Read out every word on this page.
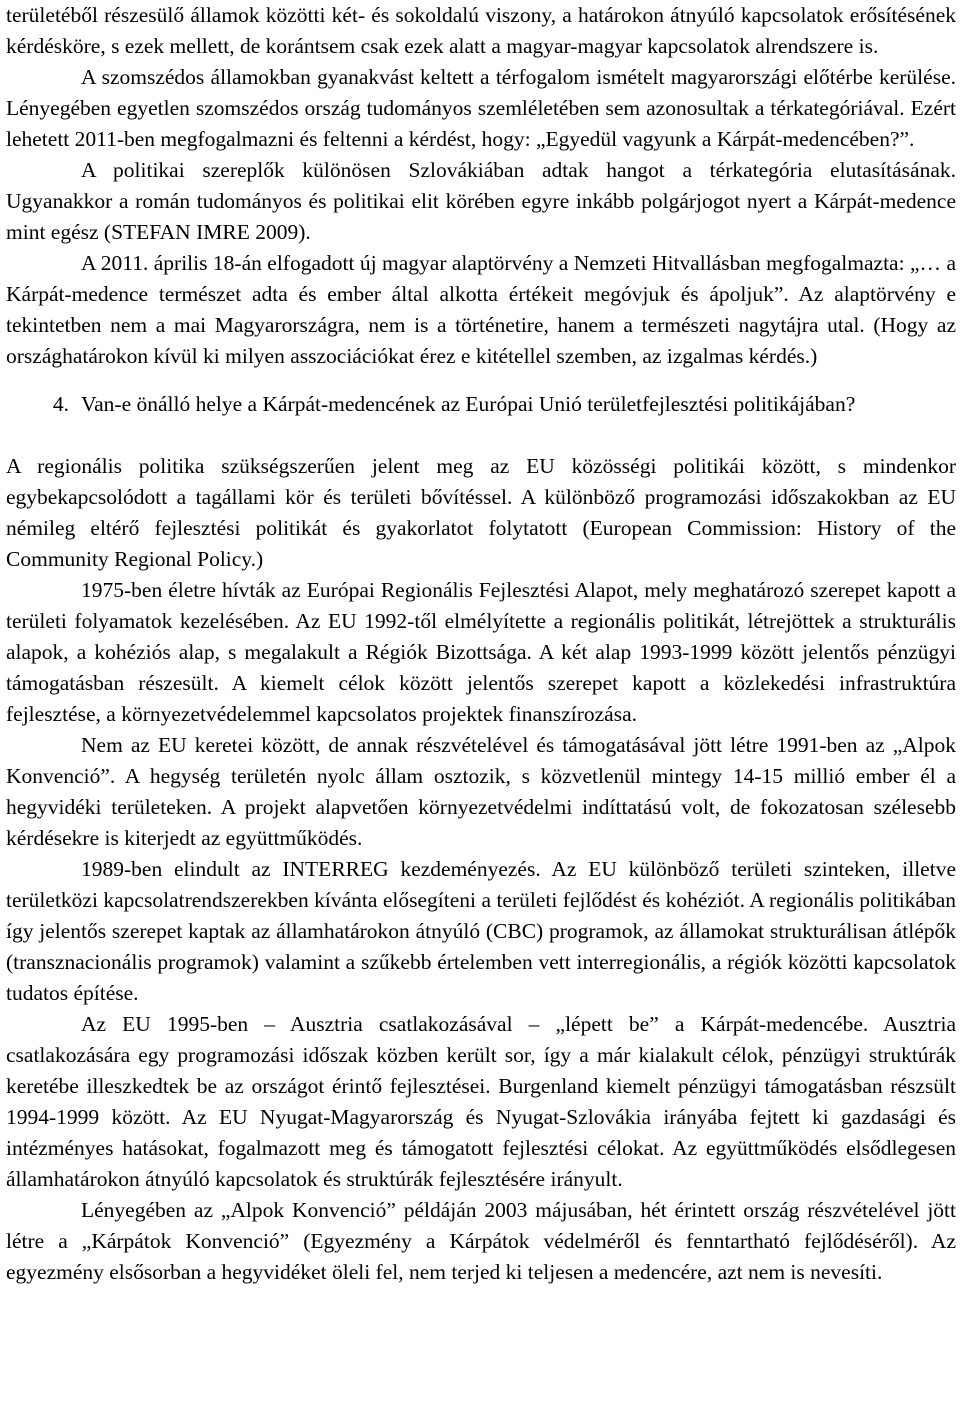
területéből részesülő államok közötti két- és sokoldalú viszony, a határokon átnyúló kapcsolatok erősítésének kérdésköre, s ezek mellett, de korántsem csak ezek alatt a magyar-magyar kapcsolatok alrendszere is.

A szomszédos államokban gyanakvást keltett a térfogalom ismételt magyarországi előtérbe kerülése. Lényegében egyetlen szomszédos ország tudományos szemléletében sem azonosultak a térkategóriával. Ezért lehetett 2011-ben megfogalmazni és feltenni a kérdést, hogy: „Egyedül vagyunk a Kárpát-medencében?”.

A politikai szereplők különösen Szlovákiában adtak hangot a térkategória elutasításának. Ugyanakkor a román tudományos és politikai elit körében egyre inkább polgárjogot nyert a Kárpát-medence mint egész (STEFAN IMRE 2009).

A 2011. április 18-án elfogadott új magyar alaptörvény a Nemzeti Hitvallásban megfogalmazta: „… a Kárpát-medence természet adta és ember által alkotta értékeit megóvjuk és ápoljuk”. Az alaptörvény e tekintetben nem a mai Magyarországra, nem is a történetire, hanem a természeti nagytájra utal. (Hogy az országhatárokon kívül ki milyen asszociációkat érez e kitétellel szemben, az izgalmas kérdés.)

4. Van-e önálló helye a Kárpát-medencének az Európai Unió területfejlesztési politikájában?

A regionális politika szükségszerűen jelent meg az EU közösségi politikái között, s mindenkor egybekapcsolódott a tagállami kör és területi bővítéssel. A különböző programozási időszakokban az EU némileg eltérő fejlesztési politikát és gyakorlatot folytatott (European Commission: History of the Community Regional Policy.)

1975-ben életre hívták az Európai Regionális Fejlesztési Alapot, mely meghatározó szerepet kapott a területi folyamatok kezelésében. Az EU 1992-től elmélyítette a regionális politikát, létrejöttek a strukturális alapok, a kohéziós alap, s megalakult a Régiók Bizottsága. A két alap 1993-1999 között jelentős pénzügyi támogatásban részesült. A kiemelt célok között jelentős szerepet kapott a közlekedési infrastruktúra fejlesztése, a környezetvédelemmel kapcsolatos projektek finanszírozása.

Nem az EU keretei között, de annak részvételével és támogatásával jött létre 1991-ben az „Alpok Konvenció”. A hegység területén nyolc állam osztozik, s közvetlenül mintegy 14-15 millió ember él a hegyvidéki területeken. A projekt alapvetően környezetvédelmi indíttatású volt, de fokozatosan szélesebb kérdésekre is kiterjedt az együttműködés.

1989-ben elindult az INTERREG kezdeményezés. Az EU különböző területi szinteken, illetve területközi kapcsolatrendszerekben kívánta elősegíteni a területi fejlődést és kohéziót. A regionális politikában így jelentős szerepet kaptak az államhatárokon átnyúló (CBC) programok, az államokat strukturálisan átlépők (transznacionális programok) valamint a szűkebb értelemben vett interregionális, a régiók közötti kapcsolatok tudatos építése.

Az EU 1995-ben – Ausztria csatlakozásával – „lépett be” a Kárpát-medencébe. Ausztria csatlakozására egy programozási időszak közben került sor, így a már kialakult célok, pénzügyi struktúrák keretébe illeszkedtek be az országot érintő fejlesztései. Burgenland kiemelt pénzügyi támogatásban részsült 1994-1999 között. Az EU Nyugat-Magyarország és Nyugat-Szlovákia irányába fejtett ki gazdasági és intézményes hatásokat, fogalmazott meg és támogatott fejlesztési célokat. Az együttműködés elsődlegesen államhatárokon átnyúló kapcsolatok és struktúrák fejlesztésére irányult.

Lényegében az „Alpok Konvenció” példáján 2003 májusában, hét érintett ország részvételével jött létre a „Kárpátok Konvenció” (Egyezmény a Kárpátok védelméről és fenntartható fejlődéséről). Az egyezmény elsősorban a hegyvidéket öleli fel, nem terjed ki teljesen a medencére, azt nem is nevesíti.
